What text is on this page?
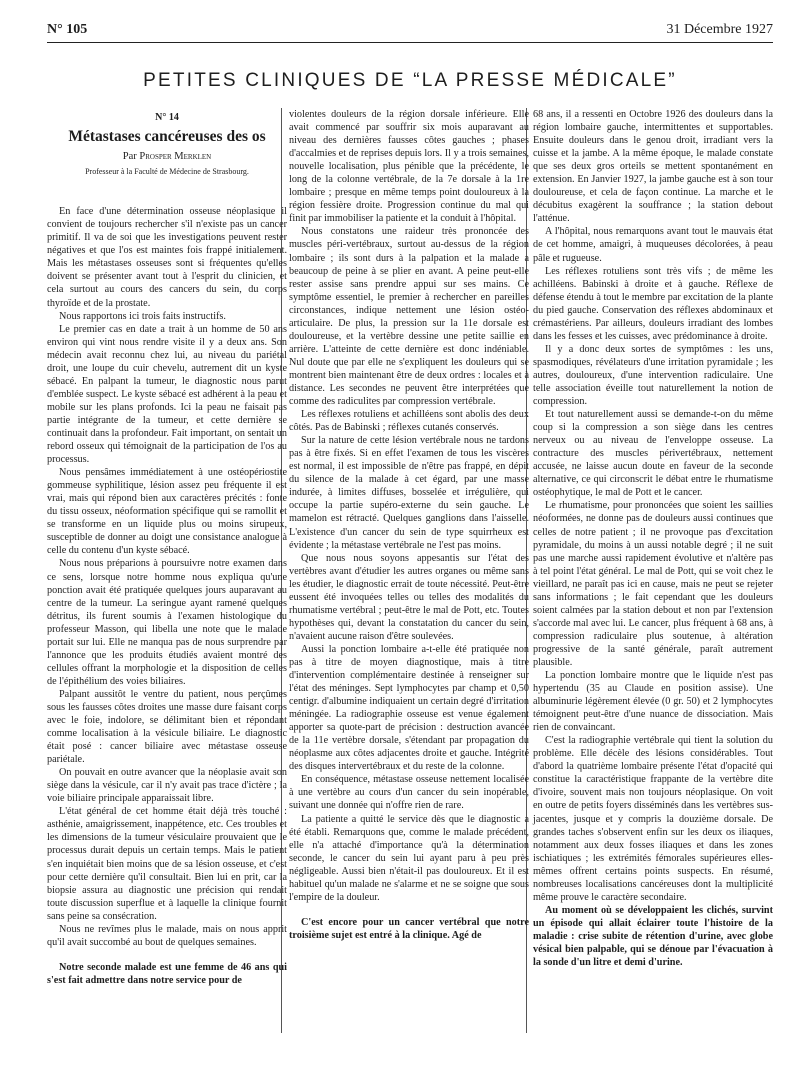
N° 105	31 Décembre 1927
PETITES CLINIQUES DE “LA PRESSE MÉDICALE”
N° 14
Métastases cancéreuses des os
Par Prosper Merklen
Professeur à la Faculté de Médecine de Strasbourg.

En face d'une détermination osseuse néoplasique il convient de toujours rechercher s'il n'existe pas un cancer primitif. Il va de soi que les investigations peuvent rester négatives et que l'os est maintes fois frappé initialement. Mais les métastases osseuses sont si fréquentes qu'elles doivent se présenter avant tout à l'esprit du clinicien, et cela surtout au cours des cancers du sein, du corps thyroïde et de la prostate.

Nous rapportons ici trois faits instructifs.

Le premier cas en date a trait à un homme de 50 ans environ qui vint nous rendre visite il y a deux ans. Son médecin avait reconnu chez lui, au niveau du pariétal droit, une loupe du cuir chevelu, autrement dit un kyste sébacé. En palpant la tumeur, le diagnostic nous parut d'emblée suspect. Le kyste sébacé est adhérent à la peau et mobile sur les plans profonds. Ici la peau ne faisait pas partie intégrante de la tumeur, et cette dernière se continuait dans la profondeur. Fait important, on sentait un rebord osseux qui témoignait de la participation de l'os au processus.

Nous pensâmes immédiatement à une ostéopériostite gommeuse syphilitique, lésion assez peu fréquente il est vrai, mais qui répond bien aux caractères précités : fonte du tissu osseux, néoformation spécifique qui se ramollit et se transforme en un liquide plus ou moins sirupeux, susceptible de donner au doigt une consistance analogue à celle du contenu d'un kyste sébacé.

Nous nous préparions à poursuivre notre examen dans ce sens, lorsque notre homme nous expliqua qu'une ponction avait été pratiquée quelques jours auparavant au centre de la tumeur. La seringue ayant ramené quelques détritus, ils furent soumis à l'examen histologique du professeur Masson, qui libella une note que le malade portait sur lui. Elle ne manqua pas de nous surprendre par l'annonce que les produits étudiés avaient montré des cellules offrant la morphologie et la disposition de celles de l'épithélium des voies biliaires.

Palpant aussitôt le ventre du patient, nous perçûmes sous les fausses côtes droites une masse dure faisant corps avec le foie, indolore, se délimitant bien et répondant comme localisation à la vésicule biliaire. Le diagnostic était posé : cancer biliaire avec métastase osseuse pariétale.

On pouvait en outre avancer que la néoplasie avait son siège dans la vésicule, car il n'y avait pas trace d'ictère ; la voie biliaire principale apparaissait libre.

L'état général de cet homme était déjà très touché : asthénie, amaigrissement, inappétence, etc. Ces troubles et les dimensions de la tumeur vésiculaire prouvaient que le processus durait depuis un certain temps. Mais le patient s'en inquiétait bien moins que de sa lésion osseuse, et c'est pour cette dernière qu'il consultait. Bien lui en prit, car la biopsie assura au diagnostic une précision qui rendait toute discussion superflue et à laquelle la clinique fournit sans peine sa consécration.

Nous ne revîmes plus le malade, mais on nous apprit qu'il avait succombé au bout de quelques semaines.

Notre seconde malade est une femme de 46 ans qui s'est fait admettre dans notre service pour de

violentes douleurs de la région dorsale inférieure. Elle avait commencé par souffrir six mois auparavant au niveau des dernières fausses côtes gauches ; phases d'accalmies et de reprises depuis lors. Il y a trois semaines, nouvelle localisation, plus pénible que la précédente, le long de la colonne vertébrale, de la 7e dorsale à la 1re lombaire ; presque en même temps point douloureux à la région fessière droite. Progression continue du mal qui finit par immobiliser la patiente et la conduit à l'hôpital.

Nous constatons une raideur très prononcée des muscles péri-vertébraux, surtout au-dessus de la région lombaire ; ils sont durs à la palpation et la malade a beaucoup de peine à se plier en avant. A peine peut-elle rester assise sans prendre appui sur ses mains. Ce symptôme essentiel, le premier à rechercher en pareilles circonstances, indique nettement une lésion ostéo-articulaire. De plus, la pression sur la 11e dorsale est douloureuse, et la vertèbre dessine une petite saillie en arrière. L'atteinte de cette dernière est donc indéniable. Nul doute que par elle ne s'expliquent les douleurs qui se montrent bien maintenant être de deux ordres : locales et à distance. Les secondes ne peuvent être interprétées que comme des radiculites par compression vertébrale.

Les réflexes rotuliens et achilléens sont abolis des deux côtés. Pas de Babinski ; réflexes cutanés conservés.

Sur la nature de cette lésion vertébrale nous ne tardons pas à être fixés. Si en effet l'examen de tous les viscères est normal, il est impossible de n'être pas frappé, en dépit du silence de la malade à cet égard, par une masse indurée, à limites diffuses, bosselée et irrégulière, qui occupe la partie supéro-externe du sein gauche. Le mamelon est rétracté. Quelques ganglions dans l'aisselle. L'existence d'un cancer du sein de type squirrheux est évidente ; la métastase vertébrale ne l'est pas moins.

Que nous nous soyons appesantis sur l'état des vertèbres avant d'étudier les autres organes ou même sans les étudier, le diagnostic errait de toute nécessité. Peut-être eussent été invoquées telles ou telles des modalités du rhumatisme vertébral ; peut-être le mal de Pott, etc. Toutes hypothèses qui, devant la constatation du cancer du sein, n'avaient aucune raison d'être soulevées.

Aussi la ponction lombaire a-t-elle été pratiquée non pas à titre de moyen diagnostique, mais à titre d'intervention complémentaire destinée à renseigner sur l'état des méninges. Sept lymphocytes par champ et 0,50 centigr. d'albumine indiquaient un certain degré d'irritation méningée. La radiographie osseuse est venue également apporter sa quote-part de précision : destruction avancée de la 11e vertèbre dorsale, s'étendant par propagation du néoplasme aux côtes adjacentes droite et gauche. Intégrité des disques intervertébraux et du reste de la colonne.

En conséquence, métastase osseuse nettement localisée à une vertèbre au cours d'un cancer du sein inopérable, suivant une donnée qui n'offre rien de rare.

La patiente a quitté le service dès que le diagnostic a été établi. Remarquons que, comme le malade précédent, elle n'a attaché d'importance qu'à la détermination seconde, le cancer du sein lui ayant paru à peu près négligeable. Aussi bien n'était-il pas douloureux. Et il est habituel qu'un malade ne s'alarme et ne se soigne que sous l'empire de la douleur.

C'est encore pour un cancer vertébral que notre troisième sujet est entré à la clinique. Agé de

68 ans, il a ressenti en Octobre 1926 des douleurs dans la région lombaire gauche, intermittentes et supportables. Ensuite douleurs dans le genou droit, irradiant vers la cuisse et la jambe. A la même époque, le malade constate que ses deux gros orteils se mettent spontanément en extension. En Janvier 1927, la jambe gauche est à son tour douloureuse, et cela de façon continue. La marche et le décubitus exagèrent la souffrance ; la station debout l'atténue.

A l'hôpital, nous remarquons avant tout le mauvais état de cet homme, amaigri, à muqueuses décolorées, à peau pâle et rugueuse.

Les réflexes rotuliens sont très vifs ; de même les achilléens. Babinski à droite et à gauche. Réflexe de défense étendu à tout le membre par excitation de la plante du pied gauche. Conservation des réflexes abdominaux et crémastériens. Par ailleurs, douleurs irradiant des lombes dans les fesses et les cuisses, avec prédominance à droite.

Il y a donc deux sortes de symptômes : les uns, spasmodiques, révélateurs d'une irritation pyramidale ; les autres, douloureux, d'une intervention radiculaire. Une telle association éveille tout naturellement la notion de compression.

Et tout naturellement aussi se demande-t-on du même coup si la compression a son siège dans les centres nerveux ou au niveau de l'enveloppe osseuse. La contracture des muscles périvertébraux, nettement accusée, ne laisse aucun doute en faveur de la seconde alternative, ce qui circonscrit le débat entre le rhumatisme ostéophytique, le mal de Pott et le cancer.

Le rhumatisme, pour prononcées que soient les saillies néoformées, ne donne pas de douleurs aussi continues que celles de notre patient ; il ne provoque pas d'excitation pyramidale, du moins à un aussi notable degré ; il ne suit pas une marche aussi rapidement évolutive et n'altère pas à tel point l'état général. Le mal de Pott, qui se voit chez le vieillard, ne paraît pas ici en cause, mais ne peut se rejeter sans informations ; le fait cependant que les douleurs soient calmées par la station debout et non par l'extension s'accorde mal avec lui. Le cancer, plus fréquent à 68 ans, à compression radiculaire plus soutenue, à altération progressive de la santé générale, paraît autrement plausible.

La ponction lombaire montre que le liquide n'est pas hypertendu (35 au Claude en position assise). Une albuminurie légèrement élevée (0 gr. 50) et 2 lymphocytes témoignent peut-être d'une nuance de dissociation. Mais rien de convaincant.

C'est la radiographie vertébrale qui tient la solution du problème. Elle décèle des lésions considérables. Tout d'abord la quatrième lombaire présente l'état d'opacité qui constitue la caractéristique frappante de la vertèbre dite d'ivoire, souvent mais non toujours néoplasique. On voit en outre de petits foyers disséminés dans les vertèbres sus-jacentes, jusque et y compris la douzième dorsale. De grandes taches s'observent enfin sur les deux os iliaques, notamment aux deux fosses iliaques et dans les zones ischiatiques ; les extrémités fémorales supérieures elles-mêmes offrent certains points suspects. En résumé, nombreuses localisations cancéreuses dont la multiplicité même prouve le caractère secondaire.

Au moment où se développaient les clichés, survint un épisode qui allait éclairer toute l'histoire de la maladie : crise subite de rétention d'urine, avec globe vésical bien palpable, qui se dénoue par l'évacuation à la sonde d'un litre et demi d'urine.
